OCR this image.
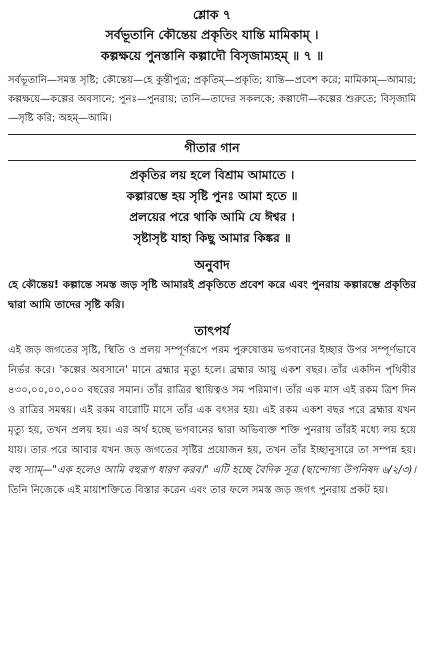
শ্লোক ৭
সর্বভূতানি কৌন্তেয় প্রকৃতিং যান্তি মামিকাম্ ।
কল্পক্ষয়ে পুনস্তানি কল্পাদৌ বিসৃজাম্যহম্ ॥ ৭ ॥
সর্বভূতানি—সমস্ত সৃষ্টি; কৌন্তেয়—হে কুন্তীপুত্র; প্রকৃতিম্—প্রকৃতি; যান্তি—প্রবেশ করে; মামিকাম্—আমার; কল্পক্ষয়ে—কল্পের অবসানে; পুনঃ—পুনরায়; তানি—তাদের সকলকে; কল্পাদৌ—কল্পের শুরুতে; বিসৃজামি—সৃষ্টি করি; অহম্—আমি।
গীতার গান
প্রকৃতির লয় হলে বিশ্রাম আমাতে ।
কল্পারম্ভে হয় সৃষ্টি পুনঃ আমা হতে ॥
প্রলয়ের পরে থাকি আমি যে ঈশ্বর ।
সৃষ্টাসৃষ্ট যাহা কিছু আমার কিঙ্কর ॥
অনুবাদ
হে কৌন্তেয়! কল্পান্তে সমস্ত জড় সৃষ্টি আমারই প্রকৃতিতে প্রবেশ করে এবং পুনরায় কল্পারম্ভে প্রকৃতির দ্বারা আমি তাদের সৃষ্টি করি।
তাৎপর্য
এই জড় জগতের সৃষ্টি, স্থিতি ও প্রলয় সম্পূর্ণরূপে পরম পুরুষোত্তম ভগবানের ইচ্ছার উপর সম্পূর্ণভাবে নির্ভর করে। 'কল্পের অবসানে' মানে ব্রহ্মার মৃত্যু হলে। ব্রহ্মার আয়ু একশ বছর। তাঁর একদিন পৃথিবীর ৪৩০,০০,০০,০০০ বছরের সমান। তাঁর রাত্রির স্থায়িত্বও সম পরিমাণ। তাঁর এক মাস এই রকম ত্রিশ দিন ও রাত্রির সমন্বয়। এই রকম বারোটি মাসে তাঁর এক বৎসর হয়। এই রকম একশ বছর পরে ব্রহ্মার যখন মৃত্যু হয়, তখন প্রলয় হয়। এর অর্থ হচ্ছে ভগবানের দ্বারা অভিব্যক্ত শক্তি পুনরায় তাঁরই মধ্যে লয় হয়ে যায়। তার পরে আবার যখন জড় জগতের সৃষ্টির প্রয়োজন হয়, তখন তাঁর ইচ্ছানুসারে তা সম্পন্ন হয়। বহু স্যাম্—"এক হলেও আমি বহুরূপ ধারণ করব।" এটি হচ্ছে বৈদিক সূত্র (ছান্দোগ্য উপনিষদ ৬/২/৩)। তিনি নিজেকে এই মায়াশক্তিতে বিস্তার করেন এবং তার ফলে সমস্ত জড় জগৎ পুনরায় প্রকট হয়।
